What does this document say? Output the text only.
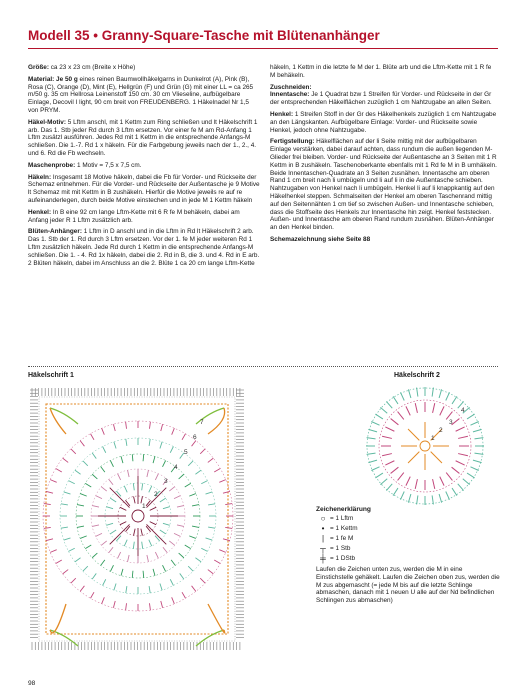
Modell 35 • Granny-Square-Tasche mit Blütenanhänger

Größe: ca 23 x 23 cm (Breite x Höhe)

Material: Je 50 g eines reinen Baumwollhäkelgarns in Dunkelrot (A), Pink (B), Rosa (C), Orange (D), Mint (E), Hellgrün (F) und Grün (G) mit einer LL = ca 265 m/50 g. 35 cm Hellrosa Leinenstoff 150 cm. 30 cm Vlieseline, aufbügelbare Einlage, Decovil I light, 90 cm breit von FREUDENBERG. 1 Häkelnadel Nr 1,5 von PRYM.

Häkel-Motiv: 5 Lftm anschl, mit 1 Kettm zum Ring schließen und lt Häkelschrift 1 arb. Das 1. Stb jeder Rd durch 3 Lftm ersetzen. Vor einer fe M am Rd-Anfang 1 Lftm zusätzl ausführen. Jedes Rd mit 1 Kettm in die entsprechende Anfangs-M schließen. Die 1.-7. Rd 1 x häkeln. Für die Farbgebung jeweils nach der 1., 2., 4. und 6. Rd die Fb wechseln.

Maschenprobe: 1 Motiv = 7,5 x 7,5 cm.

Häkeln: Insgesamt 18 Motive häkeln, dabei die Fb für Vorder- und Rückseite der Schemaz entnehmen. Für die Vorder- und Rückseite der Außentasche je 9 Motive lt Schemaz mit mit Kettm in B zushäkeln. Hierfür die Motive jeweils re auf re aufeinanderlegen, durch beide Motive einstechen und in jede M 1 Kettm häkeln

Henkel: In B eine 92 cm lange Lftm-Kette mit 6 R fe M behäkeln, dabei am Anfang jeder R 1 Lftm zusätzlich arb.

Blüten-Anhänger: 1 Lftm in D anschl und in die Lftm in Rd lt Häkelschrift 2 arb. Das 1. Stb der 1. Rd durch 3 Lftm ersetzen. Vor der 1. fe M jeder weiteren Rd 1 Lftm zusätzlich häkeln. Jede Rd durch 1 Kettm in die entsprechende Anfangs-M schließen. Die 1. - 4. Rd 1x häkeln, dabei die 2. Rd in B, die 3. und 4. Rd in E arb. 2 Blüten häkeln, dabei im Anschluss an die 2. Blüte 1 ca 20 cm lange Lftm-Kette

häkeln, 1 Kettm in die letzte fe M der 1. Blüte arb und die Lftm-Kette mit 1 R fe M behäkeln.

Zuschneiden:

Innentasche: Je 1 Quadrat bzw 1 Streifen für Vorder- und Rückseite in der Gr der entsprechenden Häkelflächen zuzüglich 1 cm Nahtzugabe an allen Seiten.

Henkel: 1 Streifen Stoff in der Gr des Häkelhenkels zuzüglich 1 cm Nahtzugabe an den Längskanten. Aufbügelbare Einlage: Vorder- und Rückseite sowie Henkel, jedoch ohne Nahtzugabe.

Fertigstellung: Häkelflächen auf der li Seite mittig mit der aufbügelbaren Einlage verstärken, dabei darauf achten, dass rundum die außen liegenden M-Glieder frei bleiben. Vorder- und Rückseite der Außentasche an 3 Seiten mit 1 R Kettm in B zushäkeln. Taschenoberkante ebenfalls mit 1 Rd fe M in B umhäkeln. Beide Innentaschen-Quadrate an 3 Seiten zusnähen. Innentasche am oberen Rand 1 cm breit nach li umbügeln und li auf li in die Außentasche schieben. Nahtzugaben von Henkel nach li umbügeln. Henkel li auf li knappkantig auf den Häkelhenkel steppen. Schmalseiten der Henkel am oberen Taschenrand mittig auf den Seitennähten 1 cm tief so zwischen Außen- und Innentasche schieben, dass die Stoffseite des Henkels zur Innentasche hin zeigt. Henkel feststecken. Außen- und Innentasche am oberen Rand rundum zusnähen. Blüten-Anhänger an den Henkel binden.

Schemazeichnung siehe Seite 88

Häkelschrift 1	Häkelschrift 2
1
2
3
4
5
6
7
1
2
3
4
Zeichenerklärung
○ = 1 Lftm
• = 1 Kettm
| = 1 fe M
┬ = 1 Stb
╪ = 1 DStb
Laufen die Zeichen unten zus, werden die M in eine Einstichstelle gehäkelt. Laufen die Zeichen oben zus, werden die M zus abgemascht (= jede M bis auf die letzte Schlinge abmaschen, danach mit 1 neuen U alle auf der Nd befindlichen Schlingen zus abmaschen)
98
